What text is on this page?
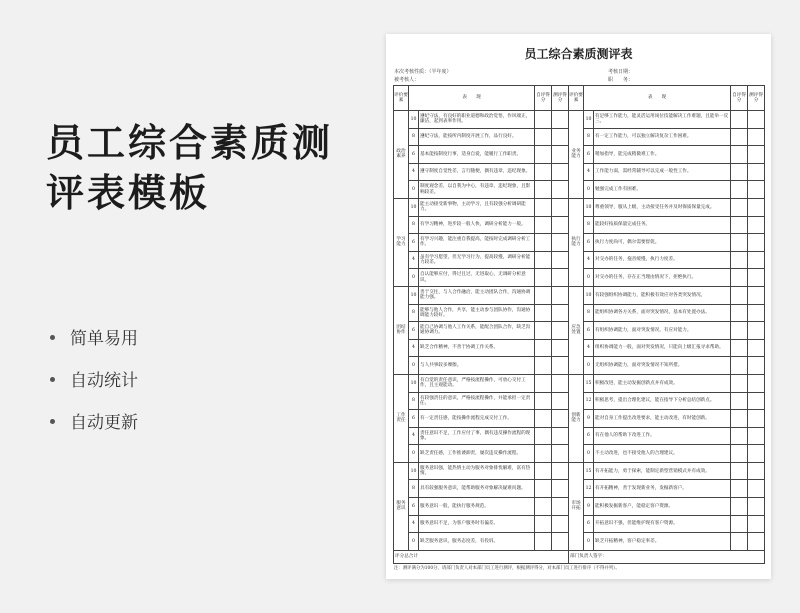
员工综合素质测
评表模板
简单易用
自动统计
自动更新
员工综合素质测评表
本次考核性质：（半年度）
被考核人：
考核日期：
职　　务：
评价要素	表　　现		自评得分	测评得分	评价要素	表　　现		自评得分	测评得分
政治素养	10	遵纪守法，有良好的职业道德和政治觉悟，作风端正，廉洁，起到表率作用。			业务能力	10	有足够工作能力，能灵活运用岗位技能解决工作难题，且能举一反三。		
	8	遵纪守法，能按所内制度开展工作，品行良好。				8	有一定工作能力，可以独立解决复杂工作困难。		
	6	基本能按制度行事，适身自爱，能履行工作职责。				6	稍加指导，能完成稍微难工作。		
	4	遵守制度自觉性差，言行随便，偶有违章，违纪现象。				4	工作能力弱，需经常辅导可以完成一般性工作。		
	0	制度观念差，以自我为中心，有违章、违纪现象，且影响较差。				0	勉强完成工作有困难。		
学习能力	10	能主动接受新事物，主动学习，且有较强分析调研能力。			执行能力	10	尊重领导，服从上级，主动接受任务并及时保质保量完成。		
	8	有学习精神，进步较一般人快，调研分析能力一般。				8	能较好按质保量完成任务。		
	6	有学习兴趣，能注重自我提高，能按时完成调研分析工作。				6	执行力度尚可，偶尔需要督促。		
	4	虽有学习愿望，但无学习行为，提高较慢，调研分析能力较差。				4	对交办的任务，拖沓缓慢，执行力度差。		
	0	自认能够应付，得过且过，无进取心，无调研分析意识。				0	对交办的任务，存在正当理由情况下，拒绝执行。		
团结协作	10	善于交往，与人合作融洽，能主动团队合作，沟通协调能力强。			应急处置	10	有较强组织协调能力，能积极有效应对各类突发情况。		
	8	能够与他人合作，共享，能主动参与团队协作，沟通协调能力较好。				8	能组织协调各方关系，面对突发情况，基本有处置办法。		
	6	能自己协调与他人工作关系，能配合团队合作，缺乏沟通协调力。				6	有组织协调能力，面对突发情况，有应对能力。		
	4	缺乏合作精神，不善于协调工作关系。				4	组织协调能力一般，面对突发情况，只能向上级汇报寻求帮助。		
	0	与人共事较多摩擦。				0	无组织协调能力，面对突发情况不知所措。		
工作责任	10	有自觉的责任意识，严格按流程操作，可放心交付工作，且主观能动。			创新能力	15	积极改进，能主动发掘创新点并有成效。		
	8	有较强责任的意识，严格按流程操作，并能承担一定责任。				12	积极思考，提出合理化建议，能在指导下分析总结创新点。		
	6	有一定责任感，能按操作流程完成交付工作。				9	能对自身工作提出改进要求，能主动改进，有时能创新。		
	4	责任意识不足，工作应付了事，偶有违反操作流程的现象。				6	有在他人的帮助下改进工作。		
	0	缺乏责任感，工作推诿卸责，屡次违反操作流程。				0	不主动改进，也不接受他人的合理建议。		
服务意识	10	服务意识强，能热情主动为服务对象排忧解难，富有热情。			市场开拓	15	有开拓能力，勇于探索，能制定新型营销模式并有成效。		
	8	具有较强服务意识，能帮助服务对象解决疑难问题。				12	有开拓精神，善于发现新业务，发掘新客户。		
	6	服务意识一般，能执行服务规范。				9	能积极发掘新客户，能稳定客户资源。		
	4	服务意识不足，为客户服务时有偏差。				6	开拓意识不强，但能维护现有客户资源。		
	0	缺乏服务意识，服务态度差，有投诉。				0	缺乏开拓精神，客户稳定率差。		
评分总合计					部门负责人签字：				
注：测评满分为100分，请部门负责人对本部门员工进行测评，根据测评得分，对本部门员工进行排序（不得并列）。
